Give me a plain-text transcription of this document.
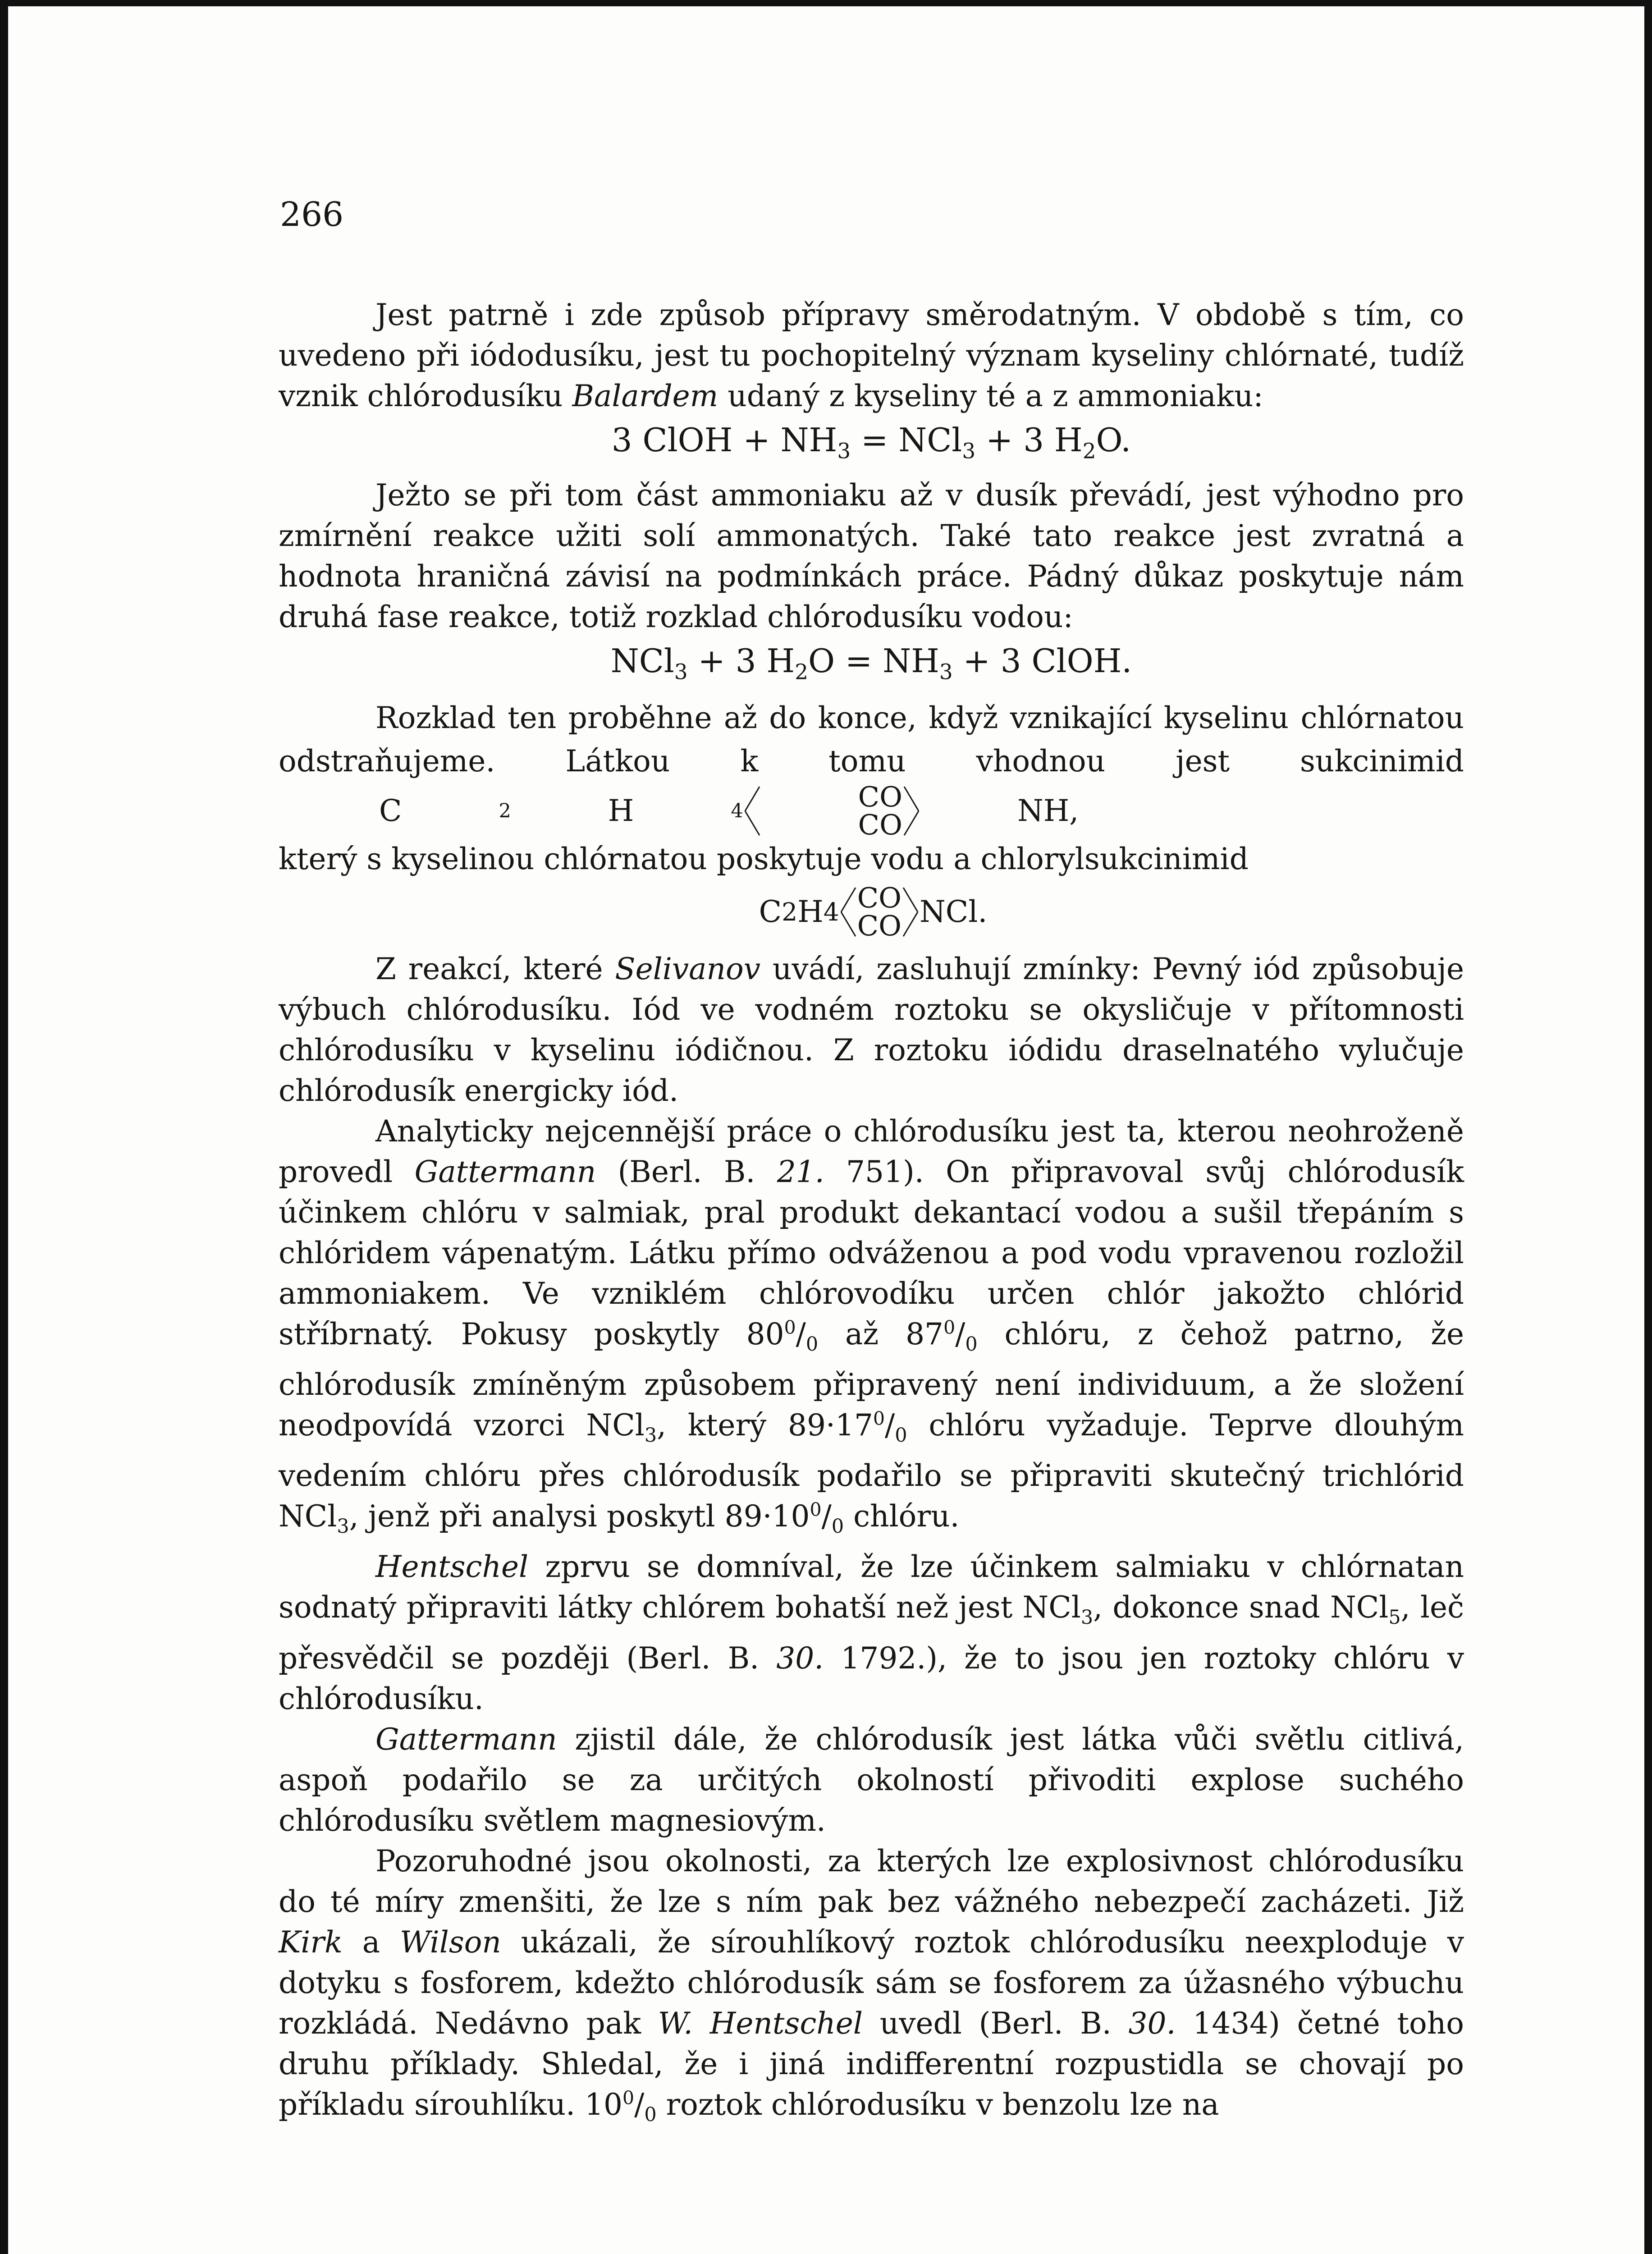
266

Jest patrně i zde způsob přípravy směrodatným. V obdobě s tím, co uvedeno při iódodusíku, jest tu pochopitelný význam kyseliny chlórnaté, tudíž vznik chlórodusíku Balardem udaný z kyseliny té a z ammoniaku:

3 ClOH + $NH_3 = NCl_3 + 3$ $H_2O$.

Ježto se při tom část ammoniaku až v dusík převádí, jest výhodno pro zmírnění reakce užiti solí ammonatých. Také tato reakce jest zvratná a hodnota hraničná závisí na podmínkách práce. Pádný důkaz poskytuje nám druhá fase reakce, totiž rozklad chlórodusíku vodou:

NCl$_3$ + 3 $H_2O = NH_3 + 3$ ClOH.

Rozklad ten proběhne až do konce, když vznikající kyselinu chlórnatou odstraňujeme. Látkou k tomu vhodnou jest sukcinimid
C	2	H	4	CO
CO	NH,

který s kyselinou chlórnatou poskytuje vodu a chlorylsukcinimid

C 2 H 4 CO
CO NCl.

Z reakcí, které Selivanov uvádí, zasluhují zmínky: Pevný iód způsobuje výbuch chlórodusíku. Iód ve vodném roztoku se okysličuje v přítomnosti chlórodusíku v kyselinu iódičnou. Z roztoku iódidu draselnatého vylučuje chlórodusík energicky iód.

Analyticky nejcennější práce o chlórodusíku jest ta, kterou neohroženě provedl Gattermann (Berl. B. 21. 751). On připravoval svůj chlórodusík účinkem chlóru v salmiak, pral produkt dekantací vodou a sušil třepáním s chlóridem vápenatým. Látku přímo odváženou a pod vodu vpravenou rozložil ammoniakem. Ve vzniklém chlórovodíku určen chlór jakožto chlórid stříbrnatý. Pokusy poskytly $80^0/_0$ až $87^0/_0$ chlóru, z čehož patrno, že chlórodusík zmíněným způsobem připravený není individuum, a že složení neodpovídá vzorci NCl$_3$, který $89\cdot 17^0/_0$ chlóru vyžaduje. Teprve dlouhým vedením chlóru přes chlórodusík podařilo se připraviti skutečný trichlórid NCl$_3$, jenž při analysi poskytl $89\cdot 10^0/_0$ chlóru.

Hentschel zprvu se domníval, že lze účinkem salmiaku v chlórnatan sodnatý připraviti látky chlórem bohatší než jest NCl$_3$, dokonce snad NCl$_5$, leč přesvědčil se později (Berl. B. 30. 1792.), že to jsou jen roztoky chlóru v chlórodusíku.

Gattermann zjistil dále, že chlórodusík jest látka vůči světlu citlivá, aspoň podařilo se za určitých okolností přivoditi explose suchého chlórodusíku světlem magnesiovým.

Pozoruhodné jsou okolnosti, za kterých lze explosivnost chlórodusíku do té míry zmenšiti, že lze s ním pak bez vážného nebezpečí zacházeti. Již Kirk a Wilson ukázali, že sírouhlíkový roztok chlórodusíku neexploduje v dotyku s fosforem, kdežto chlórodusík sám se fosforem za úžasného výbuchu rozkládá. Nedávno pak W. Hentschel uvedl (Berl. B. 30. 1434) četné toho druhu příklady. Shledal, že i jiná indifferentní rozpustidla se chovají po příkladu sírouhlíku. $10^0/_0$ roztok chlórodusíku v benzolu lze na
